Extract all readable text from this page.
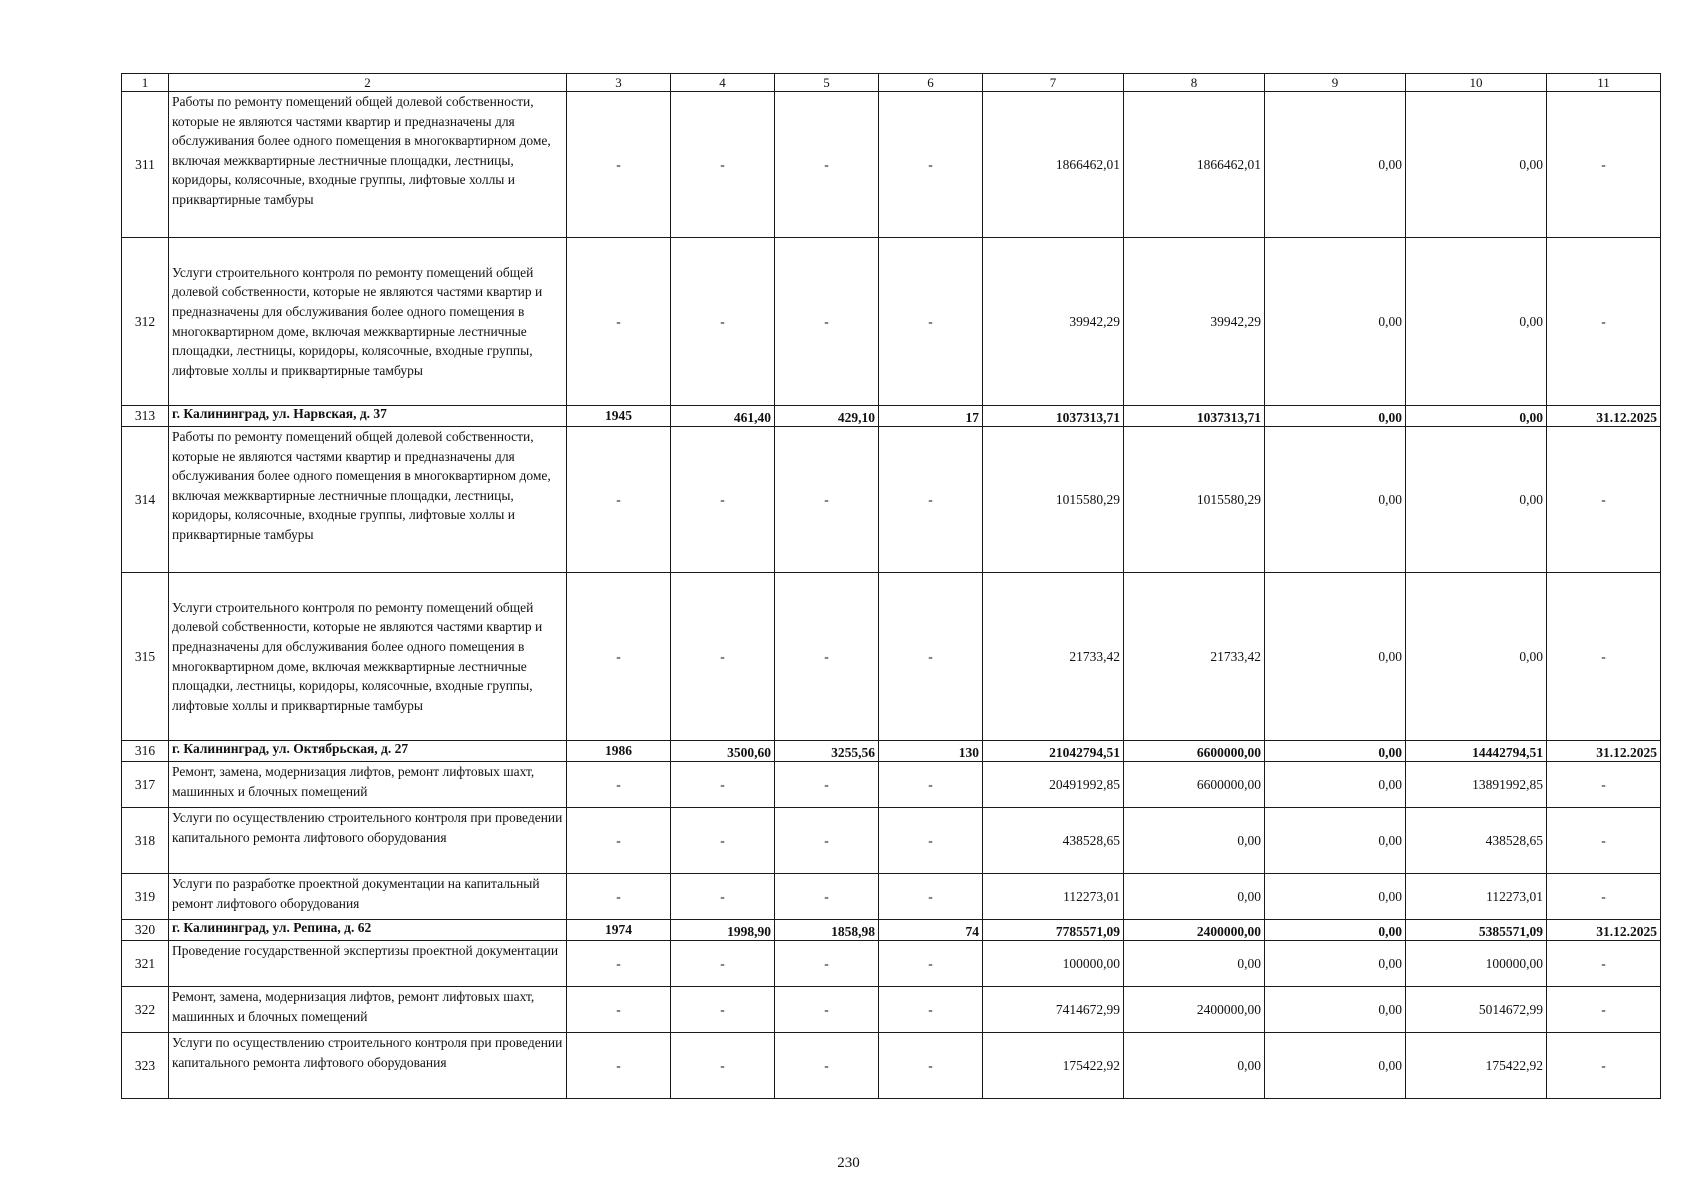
1	2	3	4	5	6	7	8	9	10	11
311	Работы по ремонту помещений общей долевой собственности, которые не являются частями квартир и предназначены для обслуживания более одного помещения в многоквартирном доме, включая межквартирные лестничные площадки, лестницы, коридоры, колясочные, входные группы, лифтовые холлы и приквартирные тамбуры	-	-	-	-	1866462,01	1866462,01	0,00	0,00	-
312	Услуги строительного контроля по ремонту помещений общей долевой собственности, которые не являются частями квартир и предназначены для обслуживания более одного помещения в многоквартирном доме, включая межквартирные лестничные площадки, лестницы, коридоры, колясочные, входные группы, лифтовые холлы и приквартирные тамбуры	-	-	-	-	39942,29	39942,29	0,00	0,00	-
313	г. Калининград, ул. Нарвская, д. 37	1945	461,40	429,10	17	1037313,71	1037313,71	0,00	0,00	31.12.2025
314	Работы по ремонту помещений общей долевой собственности, которые не являются частями квартир и предназначены для обслуживания более одного помещения в многоквартирном доме, включая межквартирные лестничные площадки, лестницы, коридоры, колясочные, входные группы, лифтовые холлы и приквартирные тамбуры	-	-	-	-	1015580,29	1015580,29	0,00	0,00	-
315	Услуги строительного контроля по ремонту помещений общей долевой собственности, которые не являются частями квартир и предназначены для обслуживания более одного помещения в многоквартирном доме, включая межквартирные лестничные площадки, лестницы, коридоры, колясочные, входные группы, лифтовые холлы и приквартирные тамбуры	-	-	-	-	21733,42	21733,42	0,00	0,00	-
316	г. Калининград, ул. Октябрьская, д. 27	1986	3500,60	3255,56	130	21042794,51	6600000,00	0,00	14442794,51	31.12.2025
317	Ремонт, замена, модернизация лифтов, ремонт лифтовых шахт, машинных и блочных помещений	-	-	-	-	20491992,85	6600000,00	0,00	13891992,85	-
318	Услуги по осуществлению строительного контроля при проведении капитального ремонта лифтового оборудования	-	-	-	-	438528,65	0,00	0,00	438528,65	-
319	Услуги по разработке проектной документации на капитальный ремонт лифтового оборудования	-	-	-	-	112273,01	0,00	0,00	112273,01	-
320	г. Калининград, ул. Репина, д. 62	1974	1998,90	1858,98	74	7785571,09	2400000,00	0,00	5385571,09	31.12.2025
321	Проведение государственной экспертизы проектной документации	-	-	-	-	100000,00	0,00	0,00	100000,00	-
322	Ремонт, замена, модернизация лифтов, ремонт лифтовых шахт, машинных и блочных помещений	-	-	-	-	7414672,99	2400000,00	0,00	5014672,99	-
323	Услуги по осуществлению строительного контроля при проведении капитального ремонта лифтового оборудования	-	-	-	-	175422,92	0,00	0,00	175422,92	-
230
